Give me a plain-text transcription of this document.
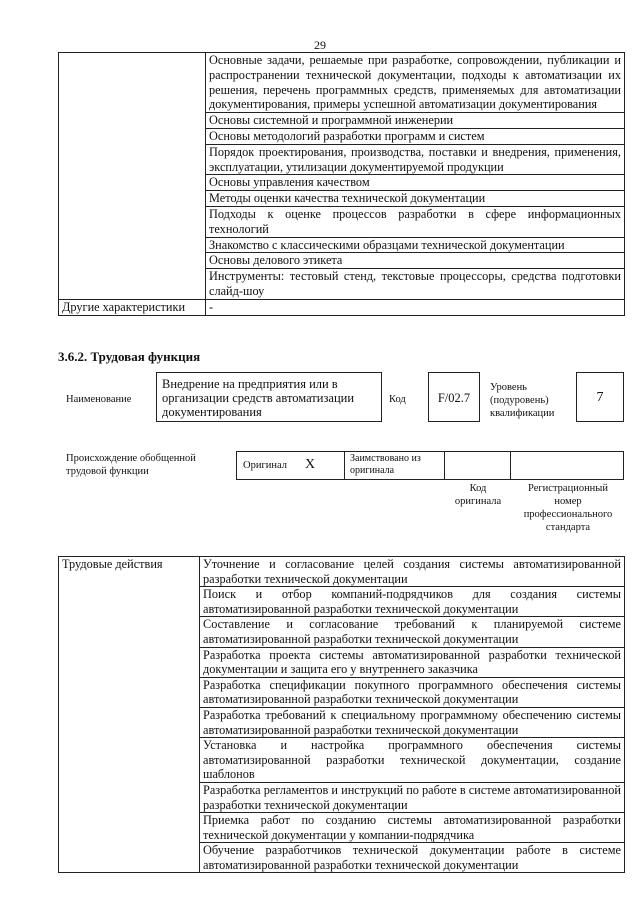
29
	Основные задачи, решаемые при разработке, сопровождении, публикации и распространении технической документации, подходы к автоматизации их решения, перечень программных средств, применяемых для автоматизации документирования, примеры успешной автоматизации документирования
	Основы системной и программной инженерии
	Основы методологий разработки программ и систем
	Порядок проектирования, производства, поставки и внедрения, применения, эксплуатации, утилизации документируемой продукции
	Основы управления качеством
	Методы оценки качества технической документации
	Подходы к оценке процессов разработки в сфере информационных технологий
	Знакомство с классическими образцами технической документации
	Основы делового этикета
	Инструменты: тестовый стенд, текстовые процессоры, средства подготовки слайд-шоу
Другие характеристики	-
3.6.2. Трудовая функция
Наименование
Внедрение на предприятия или в организации средств автоматизации документирования
Код	F/02.7
Уровень (подуровень) квалификации
7
Происхождение обобщенной трудовой функции
Оригинал X	Заимствовано из оригинала
Код оригинала
Регистрационный номер профессионального стандарта
Трудовые действия	Уточнение и согласование целей создания системы автоматизированной разработки технической документации
Поиск и отбор компаний-подрядчиков для создания системы автоматизированной разработки технической документации
Составление и согласование требований к планируемой системе автоматизированной разработки технической документации
Разработка проекта системы автоматизированной разработки технической документации и защита его у внутреннего заказчика
Разработка спецификации покупного программного обеспечения системы автоматизированной разработки технической документации
Разработка требований к специальному программному обеспечению системы автоматизированной разработки технической документации
Установка и настройка программного обеспечения системы автоматизированной разработки технической документации, создание шаблонов
Разработка регламентов и инструкций по работе в системе автоматизированной разработки технической документации
Приемка работ по созданию системы автоматизированной разработки технической документации у компании-подрядчика
Обучение разработчиков технической документации работе в системе автоматизированной разработки технической документации
